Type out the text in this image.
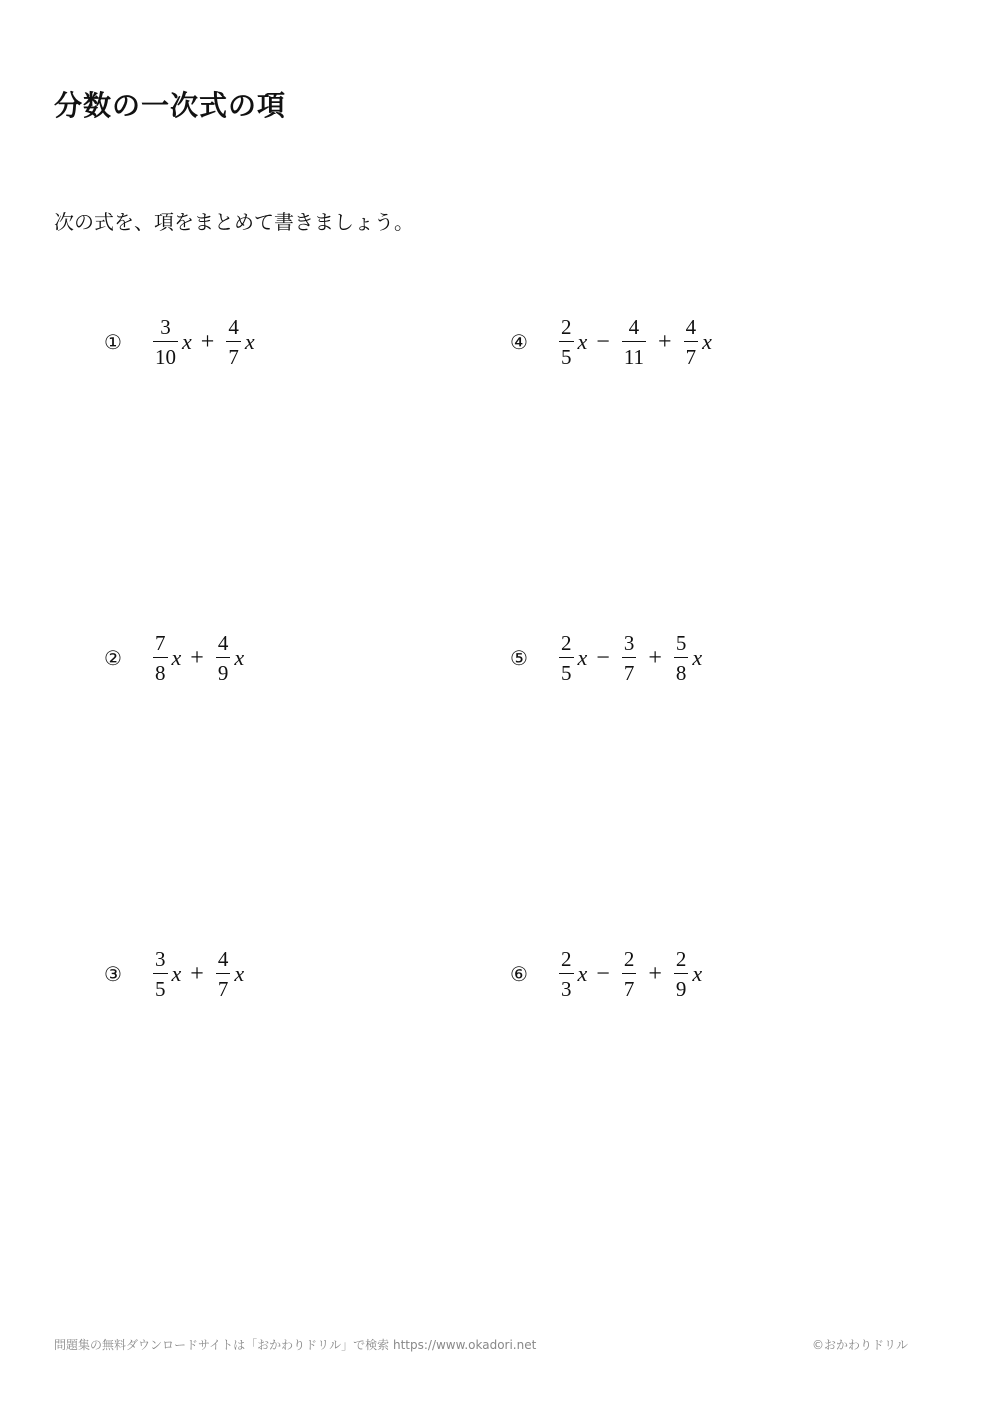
分数の一次式の項
次の式を、項をまとめて書きましょう。
①	$\frac{3}{10}$ $x + \frac{4}{7}$ x
②	$\frac{7}{8}$ $x + \frac{4}{9}$ x
③	$\frac{3}{5}$ $x + \frac{4}{7}$ x
④	$\frac{2}{5}$ $x - \frac{4}{11} + \frac{4}{7}$ x
⑤	$\frac{2}{5}$ $x - \frac{3}{7} + \frac{5}{8}$ x
⑥	$\frac{2}{3}$ $x - \frac{2}{7} + \frac{2}{9}$ x
問題集の無料ダウンロードサイトは「おかわりドリル」で検索 https://www.okadori.net	©おかわりドリル
